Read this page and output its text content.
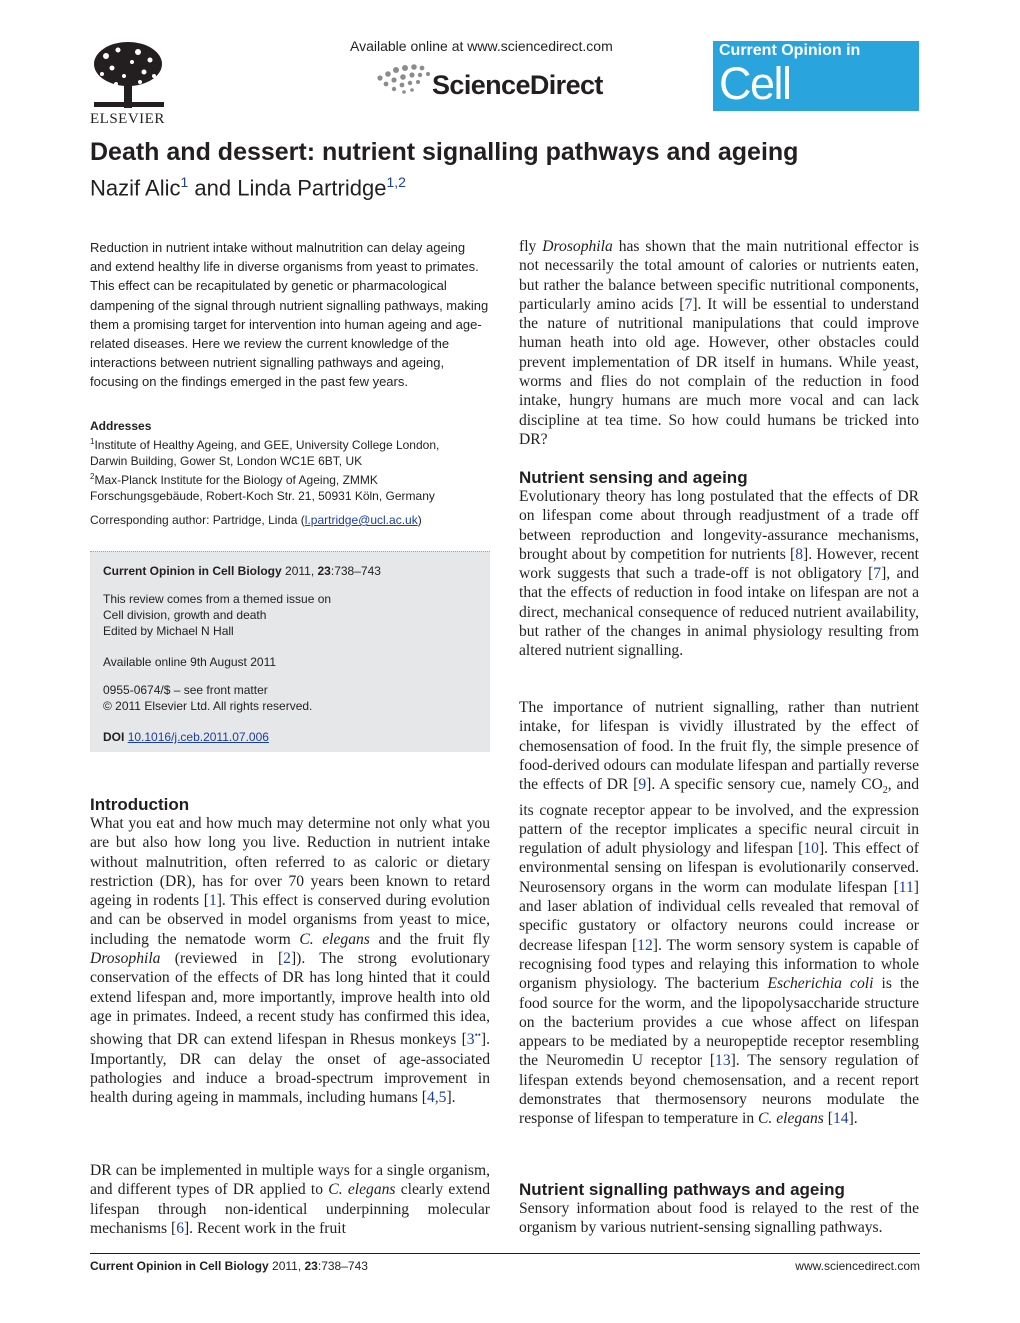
ELSEVIER
Available online at www.sciencedirect.com
ScienceDirect
Current Opinion in
Cell Biology
Death and dessert: nutrient signalling pathways and ageing
Nazif Alic$^1$ and Linda Partridge$^{1,2}$

Reduction in nutrient intake without malnutrition can delay ageing and extend healthy life in diverse organisms from yeast to primates. This effect can be recapitulated by genetic or pharmacological dampening of the signal through nutrient signalling pathways, making them a promising target for intervention into human ageing and age-related diseases. Here we review the current knowledge of the interactions between nutrient signalling pathways and ageing, focusing on the findings emerged in the past few years.

Addresses
$^1$Institute of Healthy Ageing, and GEE, University College London,
Darwin Building, Gower St, London WC1E 6BT, UK
$^2$Max-Planck Institute for the Biology of Ageing, ZMMK
Forschungsgebäude, Robert-Koch Str. 21, 50931 Köln, Germany
Corresponding author: Partridge, Linda (l.partridge@ucl.ac.uk)
Current Opinion in Cell Biology 2011, 23:738–743
This review comes from a themed issue on
Cell division, growth and death
Edited by Michael N Hall
Available online 9th August 2011
0955-0674/$ – see front matter
© 2011 Elsevier Ltd. All rights reserved.
DOI 10.1016/j.ceb.2011.07.006
Introduction

What you eat and how much may determine not only what you are but also how long you live. Reduction in nutrient intake without malnutrition, often referred to as caloric or dietary restriction (DR), has for over 70 years been known to retard ageing in rodents [1]. This effect is conserved during evolution and can be observed in model organisms from yeast to mice, including the nematode worm C. elegans and the fruit fly Drosophila (reviewed in [2]). The strong evolutionary conservation of the effects of DR has long hinted that it could extend lifespan and, more importantly, improve health into old age in primates. Indeed, a recent study has confirmed this idea, showing that DR can extend lifespan in Rhesus monkeys [3••]. Importantly, DR can delay the onset of age-associated pathologies and induce a broad-spectrum improvement in health during ageing in mammals, including humans [4,5].

DR can be implemented in multiple ways for a single organism, and different types of DR applied to C. elegans clearly extend lifespan through non-identical underpinning molecular mechanisms [6]. Recent work in the fruit

fly Drosophila has shown that the main nutritional effector is not necessarily the total amount of calories or nutrients eaten, but rather the balance between specific nutritional components, particularly amino acids [7]. It will be essential to understand the nature of nutritional manipulations that could improve human heath into old age. However, other obstacles could prevent implementation of DR itself in humans. While yeast, worms and flies do not complain of the reduction in food intake, hungry humans are much more vocal and can lack discipline at tea time. So how could humans be tricked into DR?

Nutrient sensing and ageing

Evolutionary theory has long postulated that the effects of DR on lifespan come about through readjustment of a trade off between reproduction and longevity-assurance mechanisms, brought about by competition for nutrients [8]. However, recent work suggests that such a trade-off is not obligatory [7], and that the effects of reduction in food intake on lifespan are not a direct, mechanical consequence of reduced nutrient availability, but rather of the changes in animal physiology resulting from altered nutrient signalling.

The importance of nutrient signalling, rather than nutrient intake, for lifespan is vividly illustrated by the effect of chemosensation of food. In the fruit fly, the simple presence of food-derived odours can modulate lifespan and partially reverse the effects of DR [9]. A specific sensory cue, namely $CO_2$, and its cognate receptor appear to be involved, and the expression pattern of the receptor implicates a specific neural circuit in regulation of adult physiology and lifespan [10]. This effect of environmental sensing on lifespan is evolutionarily conserved. Neurosensory organs in the worm can modulate lifespan [11] and laser ablation of individual cells revealed that removal of specific gustatory or olfactory neurons could increase or decrease lifespan [12]. The worm sensory system is capable of recognising food types and relaying this information to whole organism physiology. The bacterium Escherichia coli is the food source for the worm, and the lipopolysaccharide structure on the bacterium provides a cue whose affect on lifespan appears to be mediated by a neuropeptide receptor resembling the Neuromedin U receptor [13]. The sensory regulation of lifespan extends beyond chemosensation, and a recent report demonstrates that thermosensory neurons modulate the response of lifespan to temperature in C. elegans [14].

Nutrient signalling pathways and ageing

Sensory information about food is relayed to the rest of the organism by various nutrient-sensing signalling pathways.

Current Opinion in Cell Biology 2011, 23:738–743	www.sciencedirect.com
